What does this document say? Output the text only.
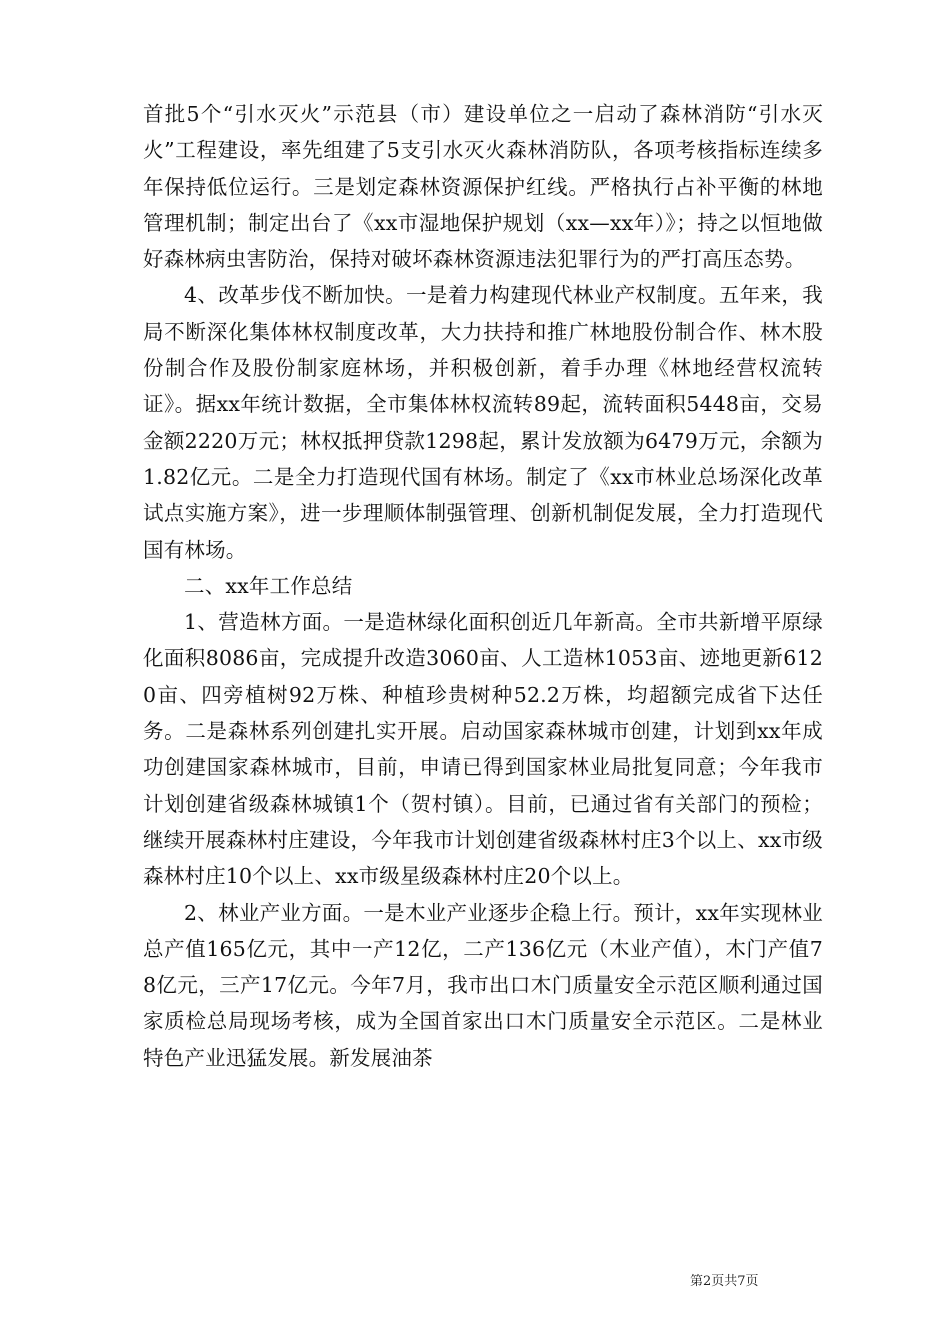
首批5个“引水灭火”示范县（市）建设单位之一启动了森林消防“引水灭火”工程建设，率先组建了5支引水灭火森林消防队，各项考核指标连续多年保持低位运行。三是划定森林资源保护红线。严格执行占补平衡的林地管理机制；制定出台了《xx市湿地保护规划（xx—xx年）》；持之以恒地做好森林病虫害防治，保持对破坏森林资源违法犯罪行为的严打高压态势。

4、改革步伐不断加快。一是着力构建现代林业产权制度。五年来，我局不断深化集体林权制度改革，大力扶持和推广林地股份制合作、林木股份制合作及股份制家庭林场，并积极创新，着手办理《林地经营权流转证》。据xx年统计数据，全市集体林权流转89起，流转面积5448亩，交易金额2220万元；林权抵押贷款1298起，累计发放额为6479万元，余额为1.82亿元。二是全力打造现代国有林场。制定了《xx市林业总场深化改革试点实施方案》，进一步理顺体制强管理、创新机制促发展，全力打造现代国有林场。

二、xx年工作总结

1、营造林方面。一是造林绿化面积创近几年新高。全市共新增平原绿化面积8086亩，完成提升改造3060亩、人工造林1053亩、迹地更新6120亩、四旁植树92万株、种植珍贵树种52.2万株，均超额完成省下达任务。二是森林系列创建扎实开展。启动国家森林城市创建，计划到xx年成功创建国家森林城市，目前，申请已得到国家林业局批复同意；今年我市计划创建省级森林城镇1个（贺村镇）。目前，已通过省有关部门的预检；继续开展森林村庄建设，今年我市计划创建省级森林村庄3个以上、xx市级森林村庄10个以上、xx市级星级森林村庄20个以上。

2、林业产业方面。一是木业产业逐步企稳上行。预计，xx年实现林业总产值165亿元，其中一产12亿，二产136亿元（木业产值），木门产值78亿元，三产17亿元。今年7月，我市出口木门质量安全示范区顺利通过国家质检总局现场考核，成为全国首家出口木门质量安全示范区。二是林业特色产业迅猛发展。新发展油茶

第2页共7页
